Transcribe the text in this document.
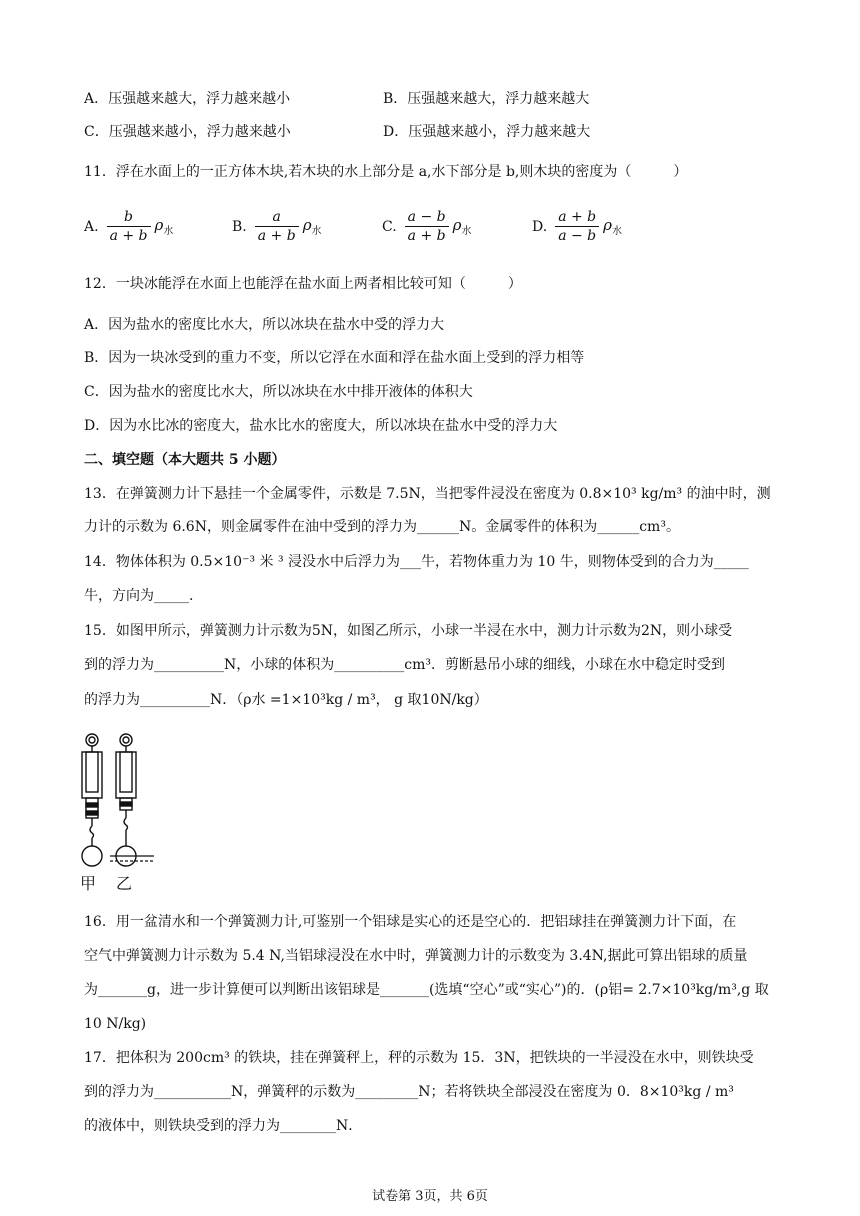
A．压强越来越大，浮力越来越小	B．压强越来越大，浮力越来越大
C．压强越来越小，浮力越来越小	D．压强越来越小，浮力越来越大
11．浮在水面上的一正方体木块,若木块的水上部分是 a,水下部分是 b,则木块的密度为（　　　）
A. $\frac{b}{a + b} \rho_水$	B. $\frac{a}{a + b} \rho_水$	C. $\frac{a - b}{a + b} \rho_水$	D. $\frac{a + b}{a - b} \rho_水$
12．一块冰能浮在水面上也能浮在盐水面上两者相比较可知（　　　）
A．因为盐水的密度比水大，所以冰块在盐水中受的浮力大
B．因为一块冰受到的重力不变，所以它浮在水面和浮在盐水面上受到的浮力相等
C．因为盐水的密度比水大，所以冰块在水中排开液体的体积大
D．因为水比冰的密度大，盐水比水的密度大，所以冰块在盐水中受的浮力大
二、填空题（本大题共 5 小题）
13．在弹簧测力计下悬挂一个金属零件，示数是 7.5N，当把零件浸没在密度为 0.8×10³ kg/m³ 的油中时，测
力计的示数为 6.6N，则金属零件在油中受到的浮力为______N。金属零件的体积为______cm³。
14．物体体积为 0.5×10⁻³ 米 ³ 浸没水中后浮力为___牛，若物体重力为 10 牛，则物体受到的合力为_____
牛，方向为_____.
15．如图甲所示，弹簧测力计示数为5N，如图乙所示，小球一半浸在水中，测力计示数为2N，则小球受
到的浮力为__________N，小球的体积为__________cm³．剪断悬吊小球的细线，小球在水中稳定时受到
的浮力为__________N．（ρ水 =1×10³kg / m³， g 取10N/kg）
甲 乙
16．用一盆清水和一个弹簧测力计,可鉴别一个铝球是实心的还是空心的．把铝球挂在弹簧测力计下面，在
空气中弹簧测力计示数为 5.4 N,当铝球浸没在水中时，弹簧测力计的示数变为 3.4N,据此可算出铝球的质量
为_______g，进一步计算便可以判断出该铝球是_______(选填“空心”或“实心”)的．(ρ铝= 2.7×10³kg/m³,g 取
10 N/kg)
17．把体积为 200cm³ 的铁块，挂在弹簧秤上，秤的示数为 15．3N，把铁块的一半浸没在水中，则铁块受
到的浮力为___________N，弹簧秤的示数为_________N；若将铁块全部浸没在密度为 0．8×10³kg / m³
的液体中，则铁块受到的浮力为________N．
试卷第 3页，共 6页
